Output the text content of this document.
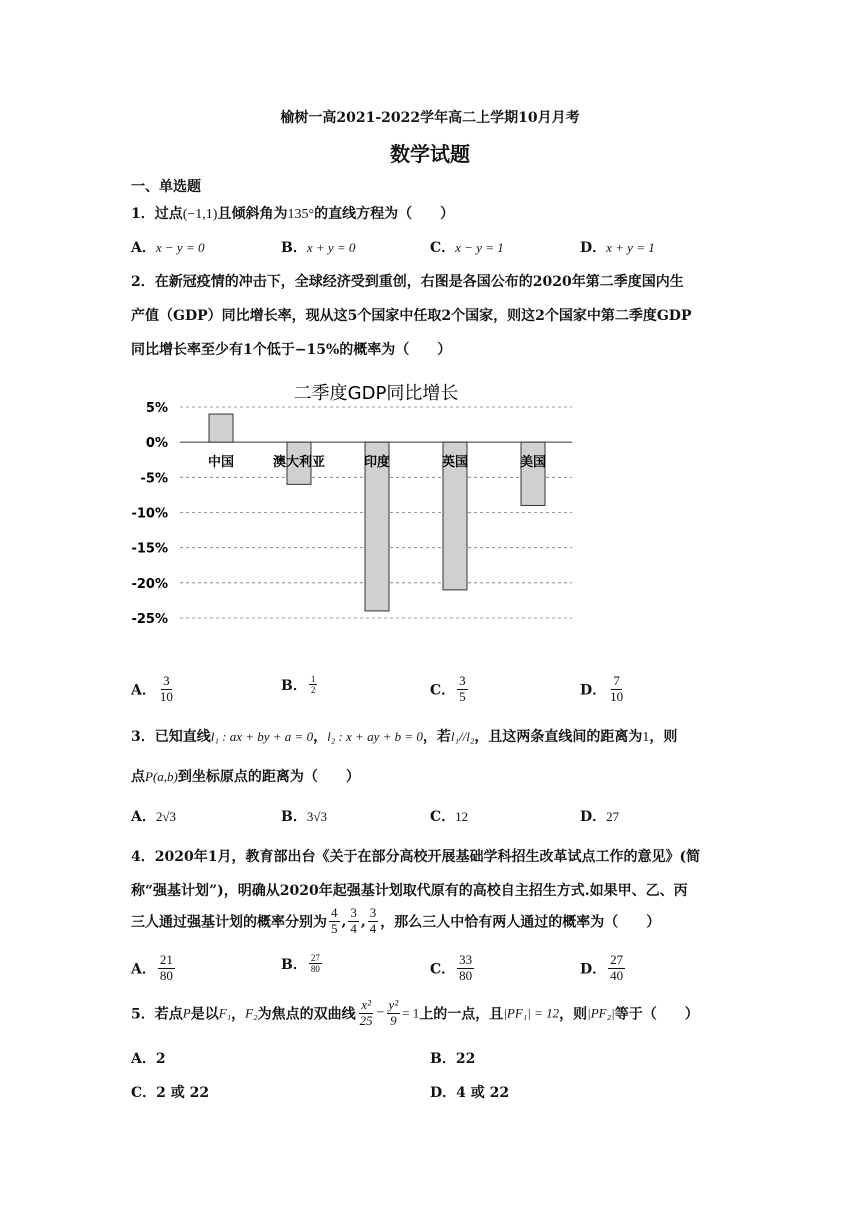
榆树一高2021-2022学年高二上学期10月月考
数学试题
一、单选题
1．过点(−1,1)且倾斜角为135°的直线方程为（　　）
A．x − y = 0	B．x + y = 0	C．x − y = 1	D．x + y = 1
2．在新冠疫情的冲击下，全球经济受到重创，右图是各国公布的2020年第二季度国内生
产值（GDP）同比增长率，现从这5个国家中任取2个国家，则这2个国家中第二季度GDP
同比增长率至少有1个低于−15%的概率为（　　）
二季度GDP同比增长
5%
0%
-5%
-10%
-15%
-20%
-25%
中国	澳大利亚	印度	英国	美国
A． $\frac{3}{10}$	B． $\frac{1}{2}$	C． $\frac{3}{5}$	D． $\frac{7}{10}$
3．已知直线l₁ : ax + by + a = 0，l₂ : x + ay + b = 0，若l₁//l₂，且这两条直线间的距离为1，则
点P(a,b)到坐标原点的距离为（　　）
A．2√3	B．3√3	C．12	D．27
4．2020年1月，教育部出台《关于在部分高校开展基础学科招生改革试点工作的意见》(简
称“强基计划”)，明确从2020年起强基计划取代原有的高校自主招生方式.如果甲、乙、丙
三人通过强基计划的概率分别为 $\frac{4}{5}$ , $\frac{3}{4}$ , $\frac{3}{4}$ ，那么三人中恰有两人通过的概率为（　　）
A． $\frac{21}{80}$	B． $\frac{27}{80}$	C． $\frac{33}{80}$	D． $\frac{27}{40}$
5．若点P是以F₁，F₂为焦点的双曲线 $\frac{\text{x²}}{25} - \frac{\text{y²}}{9} = 1$上的一点，且|PF₁| = 12，则|PF₂|等于（　　）
A．2	B．22
C．2 或 22	D．4 或 22
